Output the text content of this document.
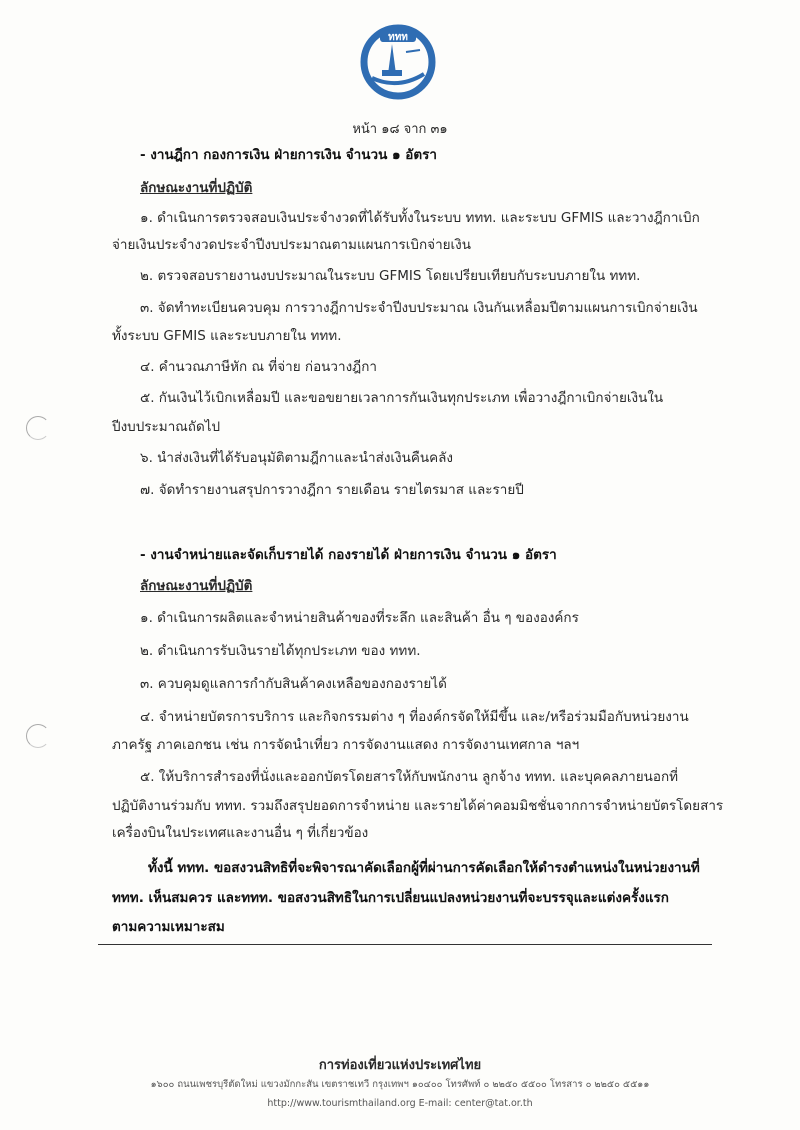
ททท
หน้า ๑๘ จาก ๓๑
- งานฎีกา กองการเงิน ฝ่ายการเงิน จำนวน ๑ อัตรา
ลักษณะงานที่ปฏิบัติ
๑. ดำเนินการตรวจสอบเงินประจำงวดที่ได้รับทั้งในระบบ ททท. และระบบ GFMIS และวางฎีกาเบิก
จ่ายเงินประจำงวดประจำปีงบประมาณตามแผนการเบิกจ่ายเงิน
๒. ตรวจสอบรายงานงบประมาณในระบบ GFMIS โดยเปรียบเทียบกับระบบภายใน ททท.
๓. จัดทำทะเบียนควบคุม การวางฎีกาประจำปีงบประมาณ เงินกันเหลื่อมปีตามแผนการเบิกจ่ายเงิน
ทั้งระบบ GFMIS และระบบภายใน ททท.
๔. คำนวณภาษีหัก ณ ที่จ่าย ก่อนวางฎีกา
๕. กันเงินไว้เบิกเหลื่อมปี และขอขยายเวลาการกันเงินทุกประเภท เพื่อวางฎีกาเบิกจ่ายเงินใน
ปีงบประมาณถัดไป
๖. นำส่งเงินที่ได้รับอนุมัติตามฎีกาและนำส่งเงินคืนคลัง
๗. จัดทำรายงานสรุปการวางฎีกา รายเดือน รายไตรมาส และรายปี
- งานจำหน่ายและจัดเก็บรายได้ กองรายได้ ฝ่ายการเงิน จำนวน ๑ อัตรา
ลักษณะงานที่ปฏิบัติ
๑. ดำเนินการผลิตและจำหน่ายสินค้าของที่ระลึก และสินค้า อื่น ๆ ขององค์กร
๒. ดำเนินการรับเงินรายได้ทุกประเภท ของ ททท.
๓. ควบคุมดูแลการกำกับสินค้าคงเหลือของกองรายได้
๔. จำหน่ายบัตรการบริการ และกิจกรรมต่าง ๆ ที่องค์กรจัดให้มีขึ้น และ/หรือร่วมมือกับหน่วยงาน
ภาครัฐ ภาคเอกชน เช่น การจัดนำเที่ยว การจัดงานแสดง การจัดงานเทศกาล ฯลฯ
๕. ให้บริการสำรองที่นั่งและออกบัตรโดยสารให้กับพนักงาน ลูกจ้าง ททท. และบุคคลภายนอกที่
ปฏิบัติงานร่วมกับ ททท. รวมถึงสรุปยอดการจำหน่าย และรายได้ค่าคอมมิชชั่นจากการจำหน่ายบัตรโดยสาร
เครื่องบินในประเทศและงานอื่น ๆ ที่เกี่ยวข้อง
ทั้งนี้ ททท. ขอสงวนสิทธิที่จะพิจารณาคัดเลือกผู้ที่ผ่านการคัดเลือกให้ดำรงตำแหน่งในหน่วยงานที่
ททท. เห็นสมควร และททท. ขอสงวนสิทธิในการเปลี่ยนแปลงหน่วยงานที่จะบรรจุและแต่งครั้งแรก
ตามความเหมาะสม
การท่องเที่ยวแห่งประเทศไทย
๑๖๐๐ ถนนเพชรบุรีตัดใหม่ แขวงมักกะสัน เขตราชเทวี กรุงเทพฯ ๑๐๔๐๐ โทรศัพท์ ๐ ๒๒๕๐ ๕๕๐๐ โทรสาร ๐ ๒๒๕๐ ๕๕๑๑
http://www.tourismthailand.org E-mail: center@tat.or.th
